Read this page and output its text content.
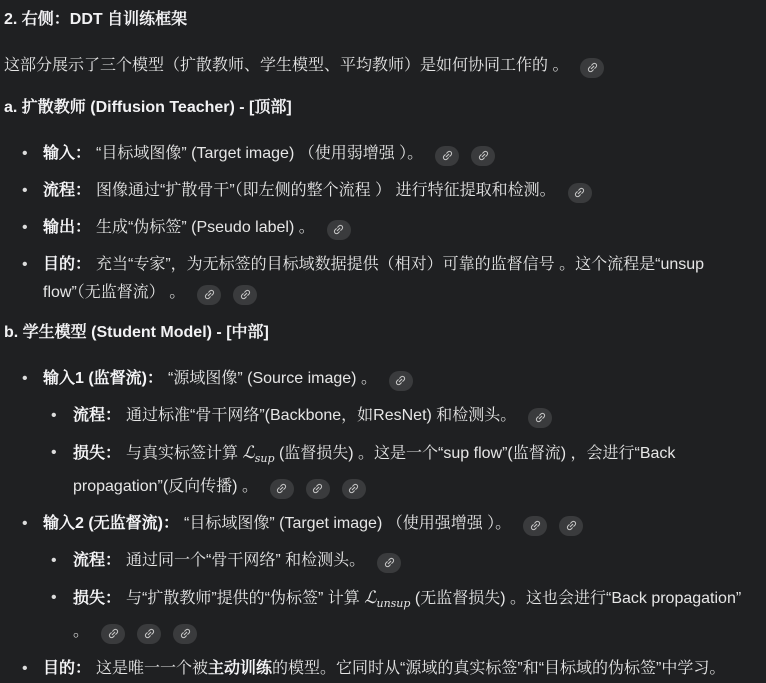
2. 右侧：DDT 自训练框架

这部分展示了三个模型（扩散教师、学生模型、平均教师）是如何协同工作的 。

a. 扩散教师 (Diffusion Teacher) - [顶部]
• 输入： “目标域图像” (Target image) （使用弱增强 ）。
• 流程： 图像通过“扩散骨干”（即左侧的整个流程 ） 进行特征提取和检测。
• 输出： 生成“伪标签” (Pseudo label) 。
• 目的： 充当“专家”，为无标签的目标域数据提供（相对）可靠的监督信号 。这个流程是“unsup flow”（无监督流） 。
b. 学生模型 (Student Model) - [中部]
• 输入1 (监督流)： “源域图像” (Source image) 。
• 流程： 通过标准“骨干网络”(Backbone，如ResNet) 和检测头。
• 损失： 与真实标签计算 ℒ$_{sup}$ (监督损失) 。这是一个“sup flow”(监督流) ，会进行“Back propagation”(反向传播) 。
• 输入2 (无监督流)： “目标域图像” (Target image) （使用强增强 ）。
• 流程： 通过同一个“骨干网络” 和检测头。
• 损失： 与“扩散教师”提供的“伪标签” 计算 ℒ$_{unsup}$ (无监督损失) 。这也会进行“Back propagation” 。
• 目的： 这是唯一一个被主动训练的模型。它同时从“源域的真实标签”和“目标域的伪标签”中学习。
